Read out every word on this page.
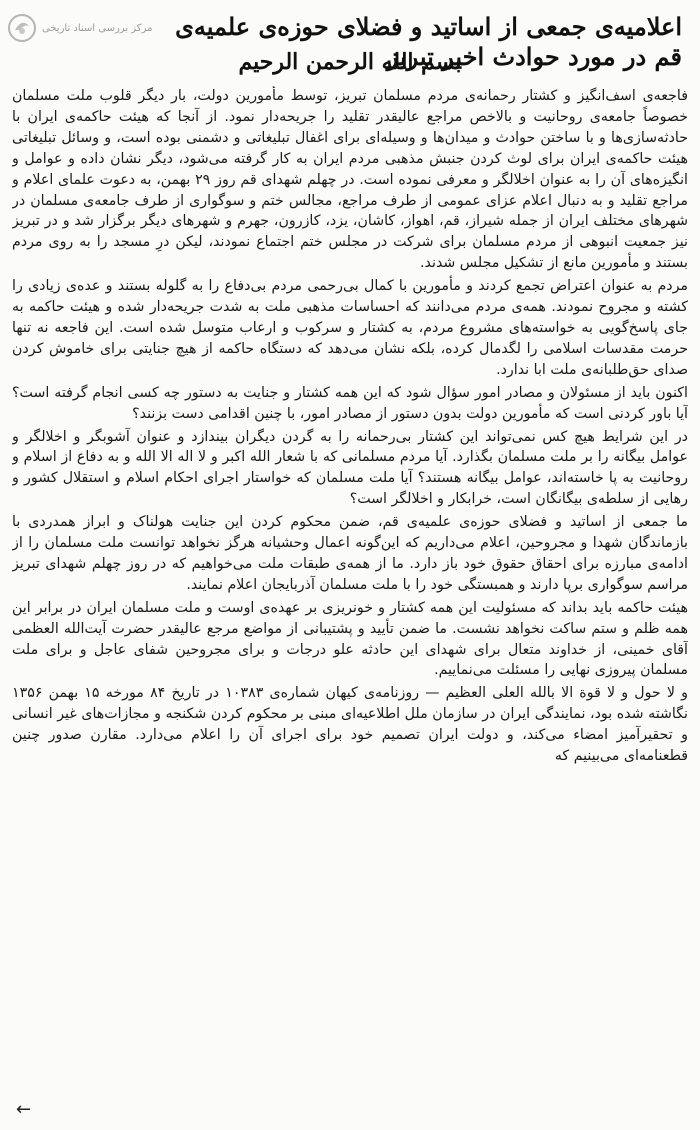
مرکز بررسی اسناد تاریخی اعلامیه‌ی جمعی از اساتید و فضلای حوزه‌ی علمیه‌ی قم در مورد حوادث اخیر تبریز
بسم الله الرحمن الرحیم

فاجعه‌ی اسف‌انگیز و کشتار رحمانه‌ی مردم مسلمان تبریز، توسط مأمورین دولت، بار دیگر قلوب ملت مسلمان خصوصاً جامعه‌ی روحانیت و بالاخص مراجع عالیقدر تقلید را جریحه‌دار نمود. از آنجا که هیئت حاکمه‌ی ایران با حادثه‌سازی‌ها و با ساختن حوادث و میدان‌ها و وسیله‌ای برای اغفال تبلیغاتی و دشمنی بوده است، و وسائل تبلیغاتی هیئت حاکمه‌ی ایران برای لوث کردن جنبش مذهبی مردم ایران به کار گرفته می‌شود، دیگر نشان داده و عوامل و انگیزه‌های آن را به عنوان اخلالگر و معرفی نموده است. در چهلم شهدای قم روز ۲۹ بهمن، به دعوت علمای اعلام و مراجع تقلید و به دنبال اعلام عزای عمومی از طرف مراجع، مجالس ختم و سوگواری از طرف جامعه‌ی مسلمان در شهرهای مختلف ایران از جمله شیراز، قم، اهواز، کاشان، یزد، کازرون، جهرم و شهرهای دیگر برگزار شد و در تبریز نیز جمعیت انبوهی از مردم مسلمان برای شرکت در مجلس ختم اجتماع نمودند، لیکن درِ مسجد را به روی مردم بستند و مأمورین مانع از تشکیل مجلس شدند.

مردم به عنوان اعتراض تجمع کردند و مأمورین با کمال بی‌رحمی مردم بی‌دفاع را به گلوله بستند و عده‌ی زیادی را کشته و مجروح نمودند. همه‌ی مردم می‌دانند که احساسات مذهبی ملت به شدت جریحه‌دار شده و هیئت حاکمه به جای پاسخ‌گویی به خواسته‌های مشروع مردم، به کشتار و سرکوب و ارعاب متوسل شده است. این فاجعه نه تنها حرمت مقدسات اسلامی را لگدمال کرده، بلکه نشان می‌دهد که دستگاه حاکمه از هیچ جنایتی برای خاموش کردن صدای حق‌طلبانه‌ی ملت ابا ندارد.

اکنون باید از مسئولان و مصادر امور سؤال شود که این همه کشتار و جنایت به دستور چه کسی انجام گرفته است؟ آیا باور کردنی است که مأمورین دولت بدون دستور از مصادر امور، با چنین اقدامی دست بزنند؟

در این شرایط هیچ کس نمی‌تواند این کشتار بی‌رحمانه را به گردن دیگران بیندازد و عنوان آشوبگر و اخلالگر و عوامل بیگانه را بر ملت مسلمان بگذارد. آیا مردم مسلمانی که با شعار الله اکبر و لا اله الا الله و به دفاع از اسلام و روحانیت به پا خاسته‌اند، عوامل بیگانه هستند؟ آیا ملت مسلمان که خواستار اجرای احکام اسلام و استقلال کشور و رهایی از سلطه‌ی بیگانگان است، خرابکار و اخلالگر است؟

ما جمعی از اساتید و فضلای حوزه‌ی علمیه‌ی قم، ضمن محکوم کردن این جنایت هولناک و ابراز همدردی با بازماندگان شهدا و مجروحین، اعلام می‌داریم که این‌گونه اعمال وحشیانه هرگز نخواهد توانست ملت مسلمان را از ادامه‌ی مبارزه برای احقاق حقوق خود باز دارد. ما از همه‌ی طبقات ملت می‌خواهیم که در روز چهلم شهدای تبریز مراسم سوگواری برپا دارند و همبستگی خود را با ملت مسلمان آذربایجان اعلام نمایند.

هیئت حاکمه باید بداند که مسئولیت این همه کشتار و خونریزی بر عهده‌ی اوست و ملت مسلمان ایران در برابر این همه ظلم و ستم ساکت نخواهد نشست. ما ضمن تأیید و پشتیبانی از مواضع مرجع عالیقدر حضرت آیت‌الله العظمی آقای خمینی، از خداوند متعال برای شهدای این حادثه علو درجات و برای مجروحین شفای عاجل و برای ملت مسلمان پیروزی نهایی را مسئلت می‌نماییم.

و لا حول و لا قوة الا بالله العلی العظیم — روزنامه‌ی کیهان شماره‌ی ۱۰۳۸۳ در تاریخ ۸۴ مورخه ۱۵ بهمن ۱۳۵۶ نگاشته شده بود، نمایندگی ایران در سازمان ملل اطلاعیه‌ای مبنی بر محکوم کردن شکنجه و مجازات‌های غیر انسانی و تحقیرآمیز امضاء می‌کند، و دولت ایران تصمیم خود برای اجرای آن را اعلام می‌دارد. مقارن صدور چنین قطعنامه‌ای می‌بینیم که

←
